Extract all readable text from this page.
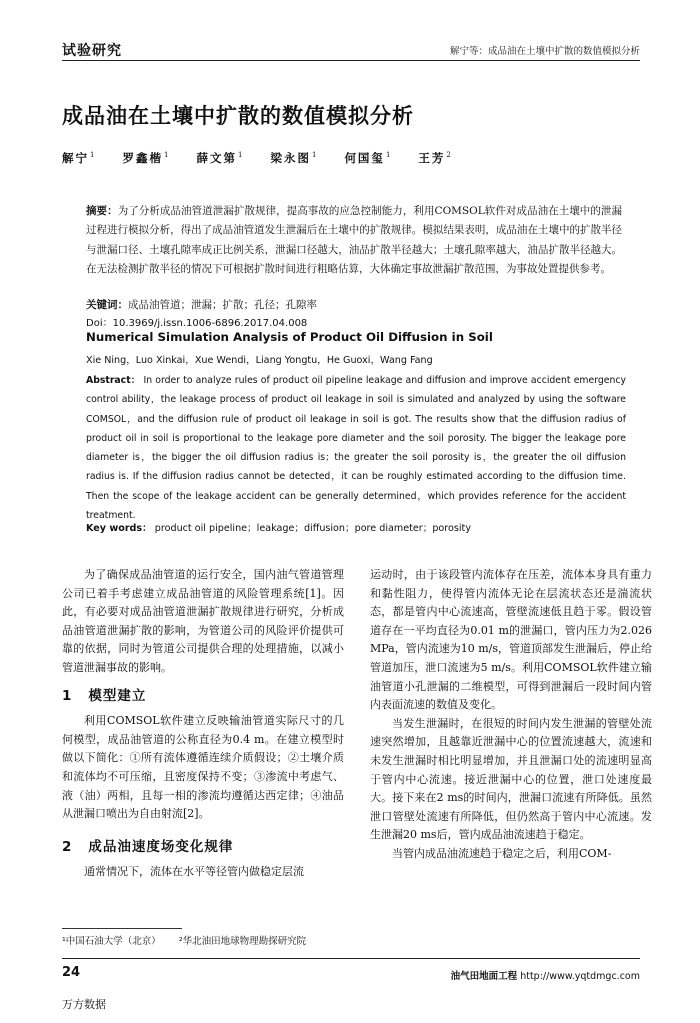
试验研究	解宁等：成品油在土壤中扩散的数值模拟分析
成品油在土壤中扩散的数值模拟分析
解宁$^1$ 罗鑫楷$^1$ 薛文第$^1$ 梁永图$^1$ 何国玺$^1$ 王芳$^2$
摘要：为了分析成品油管道泄漏扩散规律，提高事故的应急控制能力，利用COMSOL软件对成品油在土壤中的泄漏过程进行模拟分析，得出了成品油管道发生泄漏后在土壤中的扩散规律。模拟结果表明，成品油在土壤中的扩散半径与泄漏口径、土壤孔隙率成正比例关系，泄漏口径越大，油品扩散半径越大；土壤孔隙率越大，油品扩散半径越大。在无法检测扩散半径的情况下可根据扩散时间进行粗略估算，大体确定事故泄漏扩散范围，为事故处置提供参考。
关键词：成品油管道；泄漏；扩散；孔径；孔隙率
Doi：10.3969/j.issn.1006-6896.2017.04.008
Numerical Simulation Analysis of Product Oil Diffusion in Soil
Xie Ning，Luo Xinkai，Xue Wendi，Liang Yongtu，He Guoxi，Wang Fang
Abstract： In order to analyze rules of product oil pipeline leakage and diffusion and improve accident emergency control ability，the leakage process of product oil leakage in soil is simulated and analyzed by using the software COMSOL，and the diffusion rule of product oil leakage in soil is got. The results show that the diffusion radius of product oil in soil is proportional to the leakage pore diameter and the soil porosity. The bigger the leakage pore diameter is，the bigger the oil diffusion radius is；the greater the soil porosity is，the greater the oil diffusion radius is. If the diffusion radius cannot be detected，it can be roughly estimated according to the diffusion time. Then the scope of the leakage accident can be generally determined，which provides reference for the accident treatment.
Key words： product oil pipeline；leakage；diffusion；pore diameter；porosity

为了确保成品油管道的运行安全，国内油气管道管理公司已着手考虑建立成品油管道的风险管理系统[1]。因此，有必要对成品油管道泄漏扩散规律进行研究，分析成品油管道泄漏扩散的影响，为管道公司的风险评价提供可靠的依据，同时为管道公司提供合理的处理措施，以减小管道泄漏事故的影响。

1 模型建立

利用COMSOL软件建立反映输油管道实际尺寸的几何模型，成品油管道的公称直径为0.4 m。在建立模型时做以下简化：①所有流体遵循连续介质假设；②土壤介质和流体均不可压缩，且密度保持不变；③渗流中考虑气、液（油）两相，且每一相的渗流均遵循达西定律；④油品从泄漏口喷出为自由射流[2]。

2 成品油速度场变化规律

通常情况下，流体在水平等径管内做稳定层流

运动时，由于该段管内流体存在压差，流体本身具有重力和黏性阻力，使得管内流体无论在层流状态还是湍流状态，都是管内中心流速高，管壁流速低且趋于零。假设管道存在一平均直径为0.01 m的泄漏口，管内压力为2.026 MPa，管内流速为10 m/s，管道顶部发生泄漏后，停止给管道加压，泄口流速为5 m/s。利用COMSOL软件建立输油管道小孔泄漏的二维模型，可得到泄漏后一段时间内管内表面流速的数值及变化。

当发生泄漏时，在很短的时间内发生泄漏的管壁处流速突然增加，且越靠近泄漏中心的位置流速越大，流速和未发生泄漏时相比明显增加，并且泄漏口处的流速明显高于管内中心流速。接近泄漏中心的位置，泄口处速度最大。接下来在2 ms的时间内，泄漏口流速有所降低。虽然泄口管壁处流速有所降低，但仍然高于管内中心流速。发生泄漏20 ms后，管内成品油流速趋于稳定。

当管内成品油流速趋于稳定之后，利用COM-

¹中国石油大学（北京） ²华北油田地球物理勘探研究院
24	油气田地面工程 http://www.yqtdmgc.com
万方数据
